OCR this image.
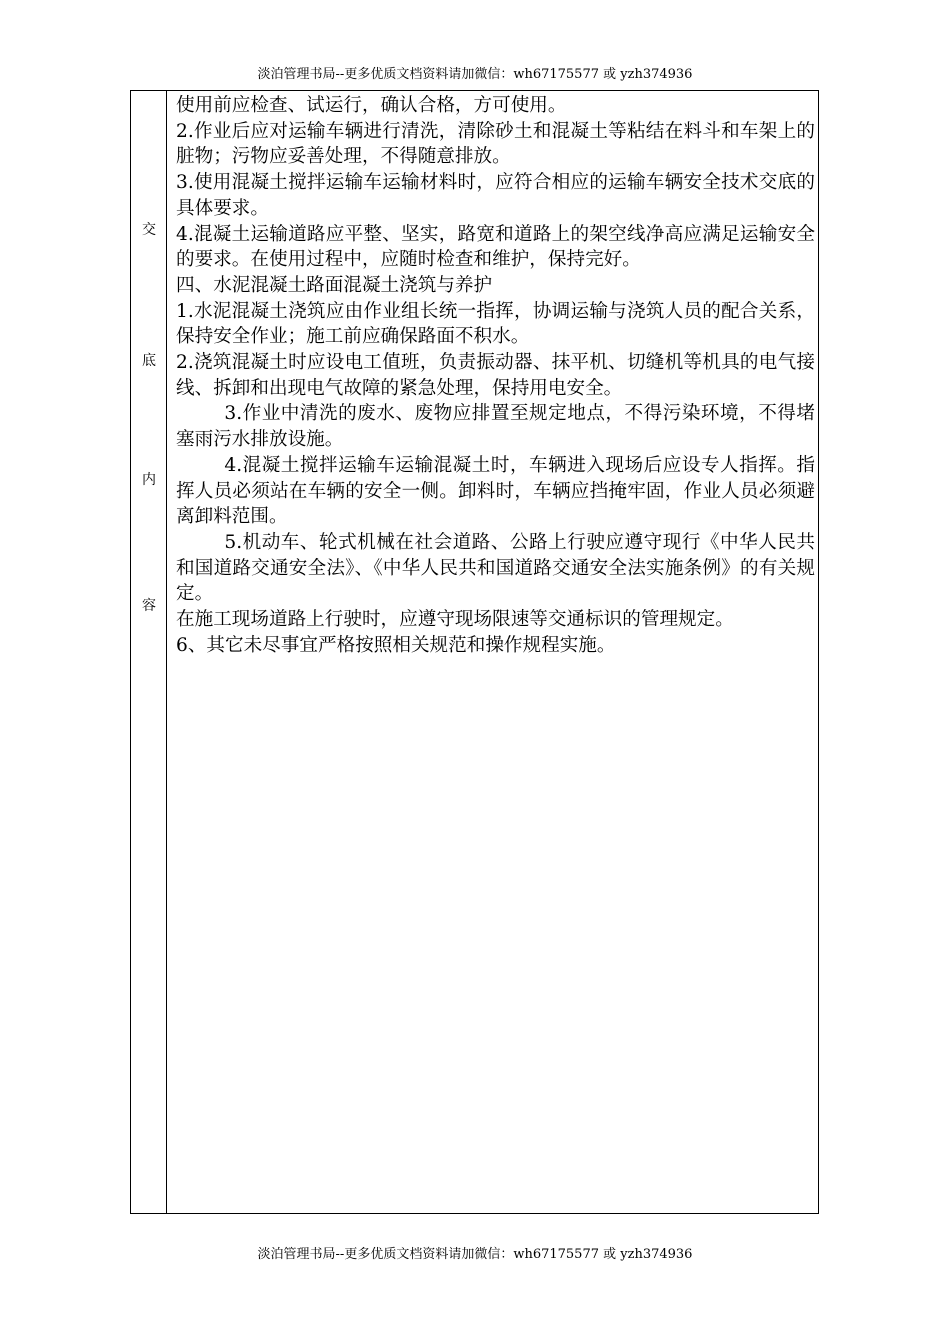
淡泊管理书局--更多优质文档资料请加微信：wh67175577 或 yzh374936
交
底
内
容

使用前应检查、试运行，确认合格，方可使用。

2.作业后应对运输车辆进行清洗，清除砂土和混凝土等粘结在料斗和车架上的脏物；污物应妥善处理，不得随意排放。

3.使用混凝土搅拌运输车运输材料时，应符合相应的运输车辆安全技术交底的具体要求。

4.混凝土运输道路应平整、坚实，路宽和道路上的架空线净高应满足运输安全的要求。在使用过程中，应随时检查和维护，保持完好。

四、水泥混凝土路面混凝土浇筑与养护

1.水泥混凝土浇筑应由作业组长统一指挥，协调运输与浇筑人员的配合关系，保持安全作业；施工前应确保路面不积水。

2.浇筑混凝土时应设电工值班，负责振动器、抹平机、切缝机等机具的电气接线、拆卸和出现电气故障的紧急处理，保持用电安全。

3.作业中清洗的废水、废物应排置至规定地点，不得污染环境，不得堵塞雨污水排放设施。

4.混凝土搅拌运输车运输混凝土时，车辆进入现场后应设专人指挥。指挥人员必须站在车辆的安全一侧。卸料时，车辆应挡掩牢固，作业人员必须避离卸料范围。

5.机动车、轮式机械在社会道路、公路上行驶应遵守现行《中华人民共和国道路交通安全法》、《中华人民共和国道路交通安全法实施条例》的有关规定。

在施工现场道路上行驶时，应遵守现场限速等交通标识的管理规定。

6、其它未尽事宜严格按照相关规范和操作规程实施。

淡泊管理书局--更多优质文档资料请加微信：wh67175577 或 yzh374936
